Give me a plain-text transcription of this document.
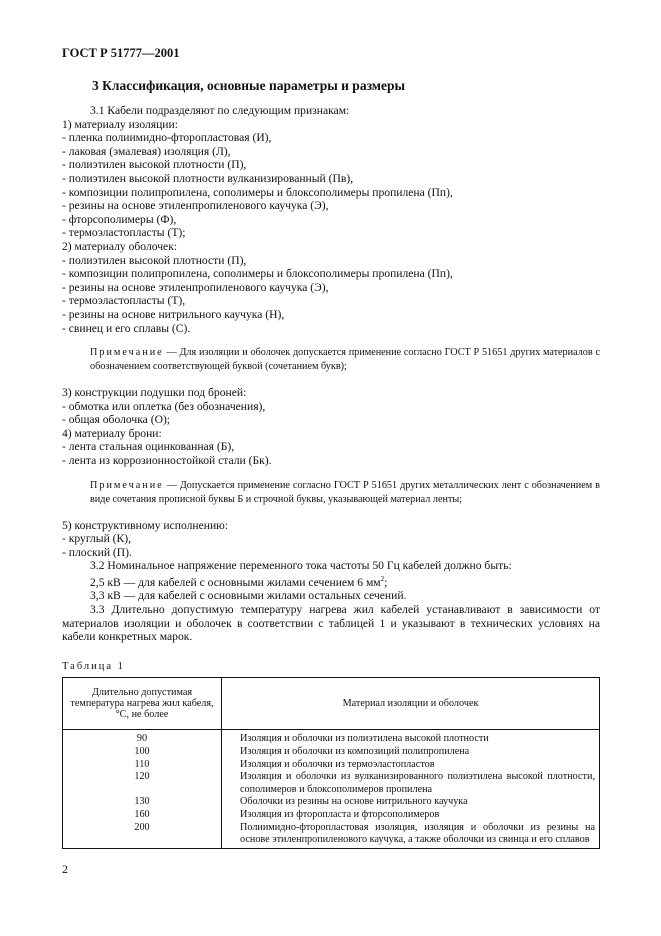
ГОСТ Р 51777—2001
3 Классификация, основные параметры и размеры
3.1 Кабели подразделяют по следующим признакам:
1) материалу изоляции:
- пленка полиимидно-фторопластовая (И),
- лаковая (эмалевая) изоляция (Л),
- полиэтилен высокой плотности (П),
- полиэтилен высокой плотности вулканизированный (Пв),
- композиции полипропилена, сополимеры и блоксополимеры пропилена (Пп),
- резины на основе этиленпропиленового каучука (Э),
- фторсополимеры (Ф),
- термоэластопласты (Т);
2) материалу оболочек:
- полиэтилен высокой плотности (П),
- композиции полипропилена, сополимеры и блоксополимеры пропилена (Пп),
- резины на основе этиленпропиленового каучука (Э),
- термоэластопласты (Т),
- резины на основе нитрильного каучука (Н),
- свинец и его сплавы (С).
Примечание — Для изоляции и оболочек допускается применение согласно ГОСТ Р 51651 других материалов с обозначением соответствующей буквой (сочетанием букв);
3) конструкции подушки под броней:
- обмотка или оплетка (без обозначения),
- общая оболочка (О);
4) материалу брони:
- лента стальная оцинкованная (Б),
- лента из коррозионностойкой стали (Бк).
Примечание — Допускается применение согласно ГОСТ Р 51651 других металлических лент с обозначением в виде сочетания прописной буквы Б и строчной буквы, указывающей материал ленты;
5) конструктивному исполнению:
- круглый (К),
- плоский (П).
3.2 Номинальное напряжение переменного тока частоты 50 Гц кабелей должно быть:
2,5 кВ — для кабелей с основными жилами сечением 6 $мм^2$;
3,3 кВ — для кабелей с основными жилами остальных сечений.
3.3 Длительно допустимую температуру нагрева жил кабелей устанавливают в зависимости от материалов изоляции и оболочек в соответствии с таблицей 1 и указывают в технических условиях на кабели конкретных марок.
Таблица 1
Длительно допустимая температура нагрева жил кабеля, °С, не более	Материал изоляции и оболочек
90	Изоляция и оболочки из полиэтилена высокой плотности

100	Изоляция и оболочки из композиций полипропилена

110	Изоляция и оболочки из термоэластопластов

120	Изоляция и оболочки из вулканизированного полиэтилена высокой плотности, сополимеров и блоксополимеров пропилена

130	Оболочки из резины на основе нитрильного каучука

160	Изоляция из фторопласта и фторсополимеров

200	Полиимидно-фторопластовая изоляция, изоляция и оболочки из резины на основе этиленпропиленового каучука, а также оболочки из свинца и его сплавов
2
